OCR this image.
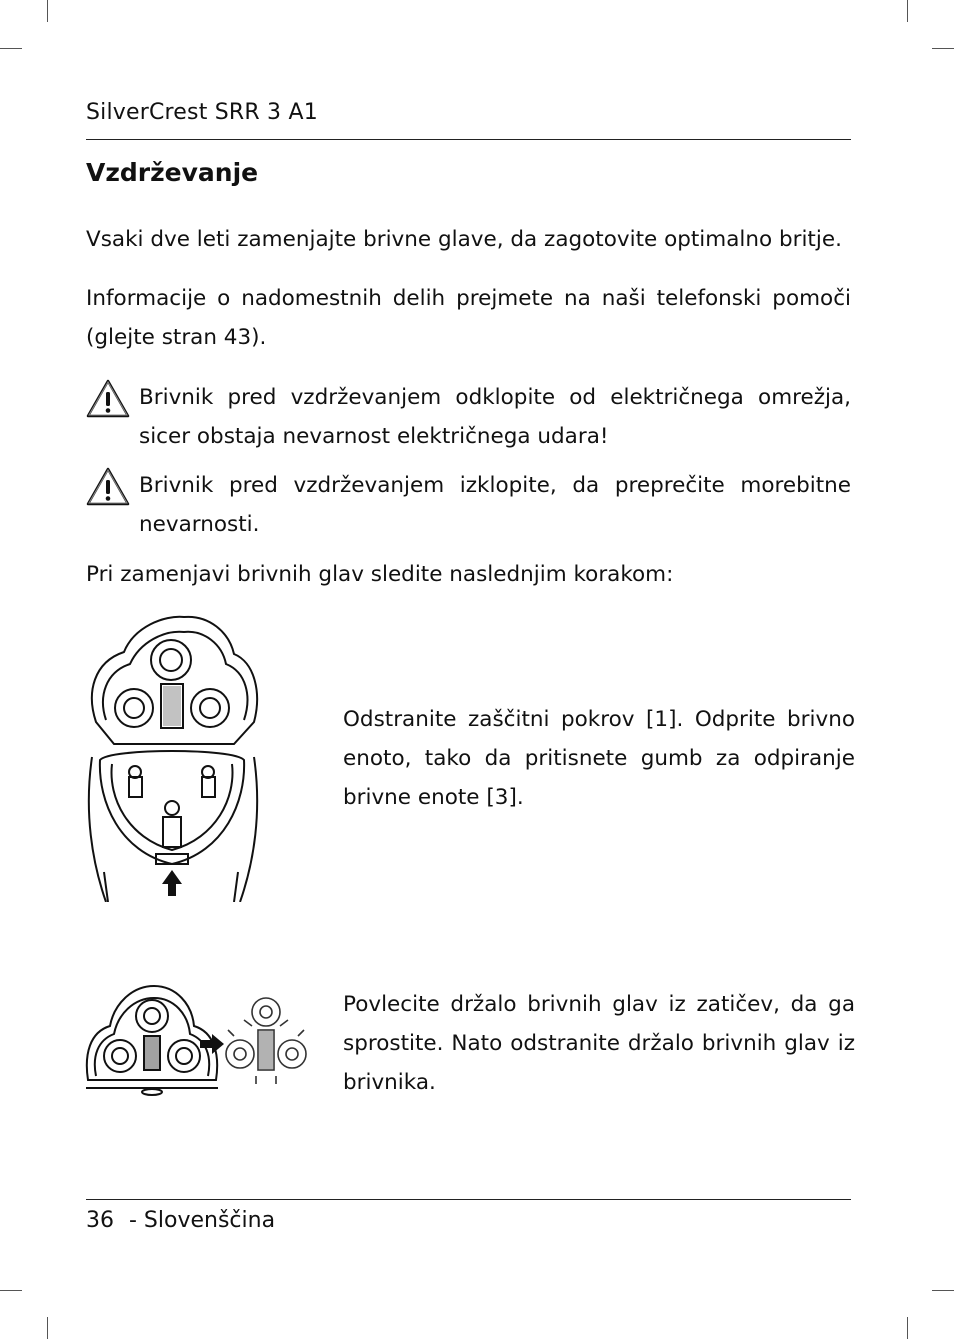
SilverCrest SRR 3 A1
Vzdrževanje
Vsaki dve leti zamenjajte brivne glave, da zagotovite optimalno britje.
Informacije o nadomestnih delih prejmete na naši telefonski pomoči (glejte stran 43).
Brivnik pred vzdrževanjem odklopite od električnega omrežja, sicer obstaja nevarnost električnega udara!
Brivnik pred vzdrževanjem izklopite, da preprečite morebitne nevarnosti.
Pri zamenjavi brivnih glav sledite naslednjim korakom:
Odstranite zaščitni pokrov [1]. Odprite brivno enoto, tako da pritisnete gumb za odpiranje brivne enote [3].
Povlecite držalo brivnih glav iz zatičev, da ga sprostite. Nato odstranite držalo brivnih glav iz brivnika.
36 - Slovenščina
